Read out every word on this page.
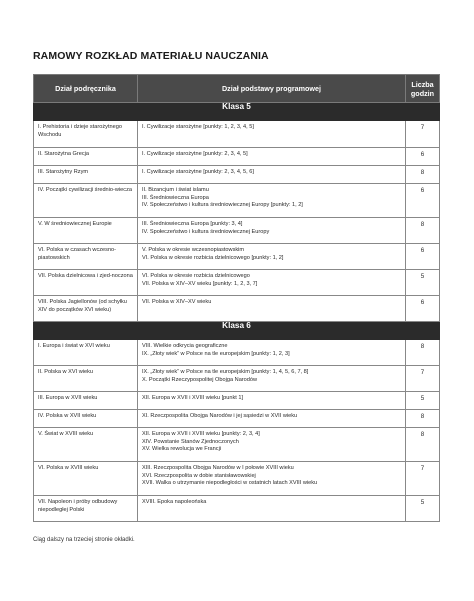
RAMOWY ROZKŁAD MATERIAŁU NAUCZANIA
Dział podręcznika	Dział podstawy programowej	Liczba
godzin

Klasa 5		
I. Prehistoria i dzieje starożytnego Wschodu	I. Cywilizacje starożytne [punkty: 1, 2, 3, 4, 5]	7
II. Starożytna Grecja	I. Cywilizacje starożytne [punkty: 2, 3, 4, 5]	6
III. Starożytny Rzym	I. Cywilizacje starożytne [punkty: 2, 3, 4, 5, 6]	8
IV. Początki cywilizacji średnio-wiecza	II. Bizancjum i świat islamu
III. Średniowieczna Europa
IV. Społeczeństwo i kultura średniowiecznej Europy [punkty: 1, 2]	6
V. W średniowiecznej Europie	III. Średniowieczna Europa [punkty: 3, 4]
IV. Społeczeństwo i kultura średniowiecznej Europy	8
VI. Polska w czasach wczesno-piastowskich	V. Polska w okresie wczesnopiastowskim
VI. Polska w okresie rozbicia dzielnicowego [punkty: 1, 2]	6
VII. Polska dzielnicowa i zjed-noczona	VI. Polska w okresie rozbicia dzielnicowego
VII. Polska w XIV–XV wieku [punkty: 1, 2, 3, 7]	5
VIII. Polska Jagiellonów (od schyłku XIV do początków XVI wieku)	VII. Polska w XIV–XV wieku	6
Klasa 6		
I. Europa i świat w XVI wieku	VIII. Wielkie odkrycia geograficzne
IX. „Złoty wiek” w Polsce na tle europejskim [punkty: 1, 2, 3]	8
II. Polska w XVI wieku	IX. „Złoty wiek” w Polsce na tle europejskim [punkty: 1, 4, 5, 6, 7, 8]
X. Początki Rzeczypospolitej Obojga Narodów	7
III. Europa w XVII wieku	XII. Europa w XVII i XVIII wieku [punkt 1]	5
IV. Polska w XVII wieku	XI. Rzeczpospolita Obojga Narodów i jej sąsiedzi w XVII wieku	8
V. Świat w XVIII wieku	XII. Europa w XVII i XVIII wieku [punkty: 2, 3, 4]
XIV. Powstanie Stanów Zjednoczonych
XV. Wielka rewolucja we Francji	8
VI. Polska w XVIII wieku	XIII. Rzeczpospolita Obojga Narodów w I połowie XVIII wieku
XVI. Rzeczpospolita w dobie stanisławowskiej
XVII. Walka o utrzymanie niepodległości w ostatnich latach XVIII wieku	7
VII. Napoleon i próby odbudowy niepodległej Polski	XVIII. Epoka napoleońska	5
Ciąg dalszy na trzeciej stronie okładki.
